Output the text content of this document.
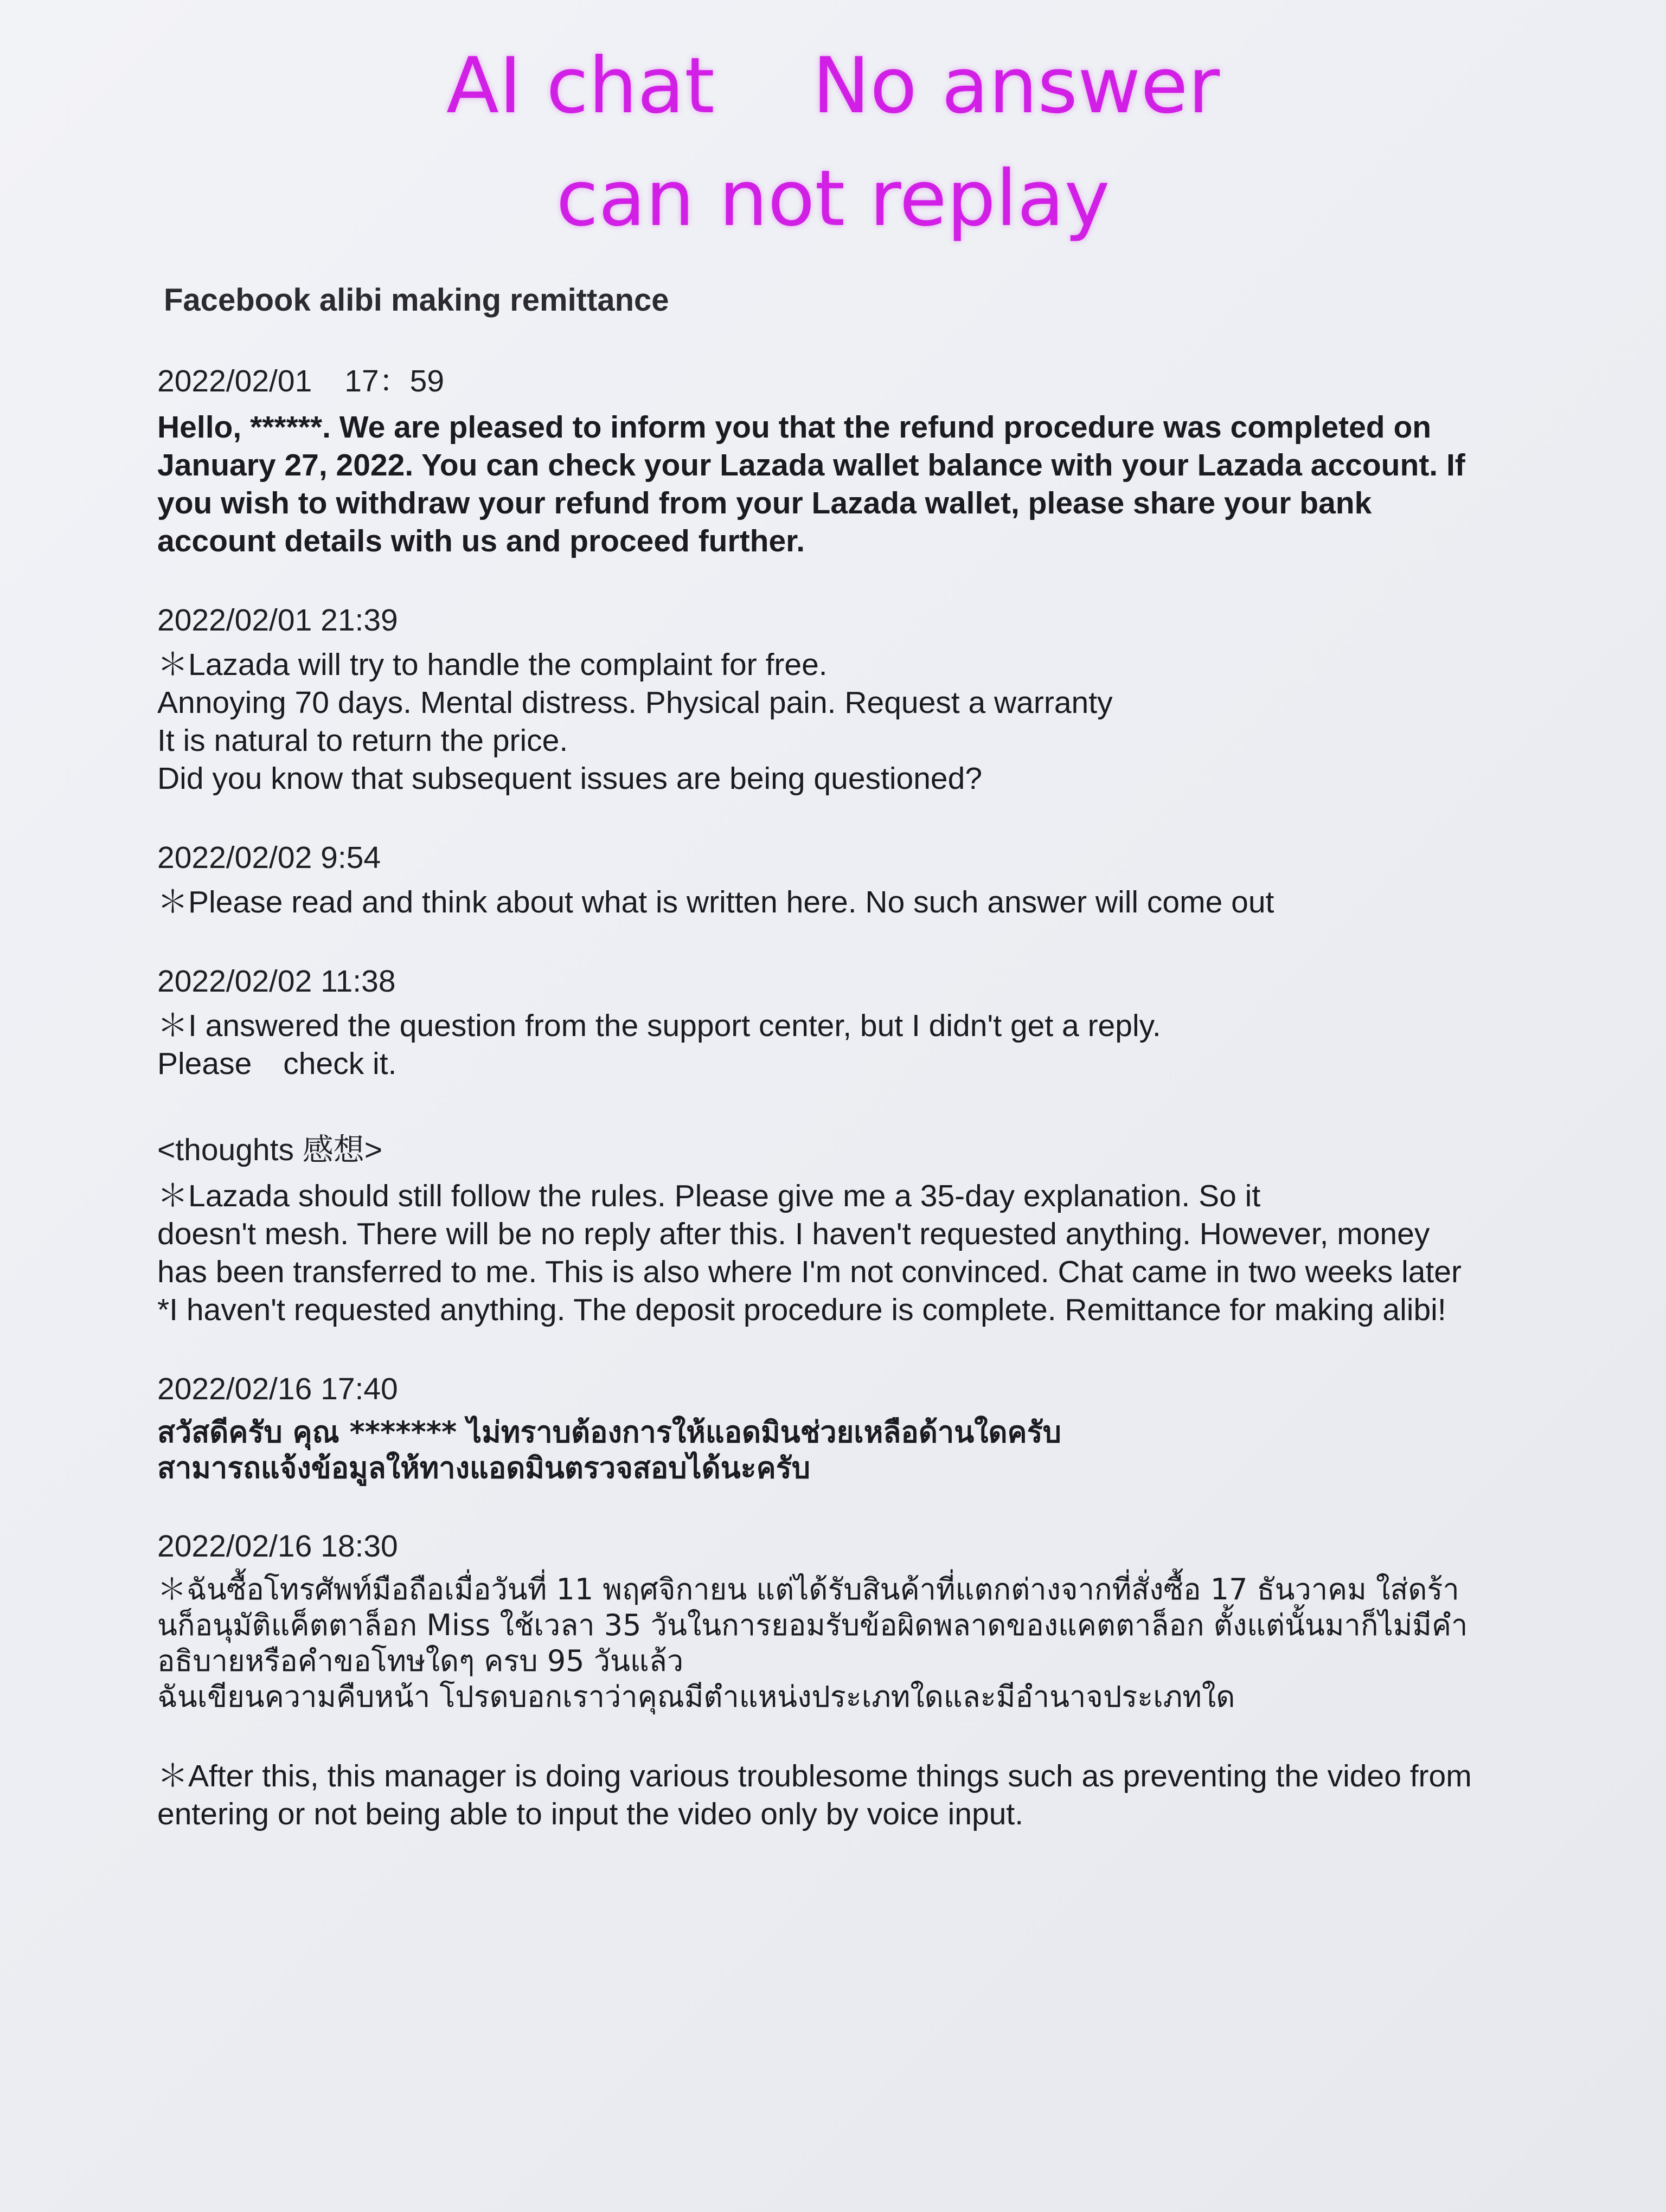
AI chat No answer
can not replay
Facebook alibi making remittance
2022/02/01 17：59
Hello, ******. We are pleased to inform you that the refund procedure was completed on
January 27, 2022. You can check your Lazada wallet balance with your Lazada account. If
you wish to withdraw your refund from your Lazada wallet, please share your bank
account details with us and proceed further.
2022/02/01 21:39
＊Lazada will try to handle the complaint for free.
Annoying 70 days. Mental distress. Physical pain. Request a warranty
It is natural to return the price.
Did you know that subsequent issues are being questioned?
2022/02/02 9:54
＊Please read and think about what is written here. No such answer will come out
2022/02/02 11:38
＊I answered the question from the support center, but I didn't get a reply.
Please check it.
<thoughts 感想>
＊Lazada should still follow the rules. Please give me a 35-day explanation. So it
doesn't mesh. There will be no reply after this. I haven't requested anything. However, money
has been transferred to me. This is also where I'm not convinced. Chat came in two weeks later
*I haven't requested anything. The deposit procedure is complete. Remittance for making alibi!
2022/02/16 17:40
สวัสดีครับ คุณ ******* ไม่ทราบต้องการให้แอดมินช่วยเหลือด้านใดครับ
สามารถแจ้งข้อมูลให้ทางแอดมินตรวจสอบได้นะครับ
2022/02/16 18:30
＊ฉันซื้อโทรศัพท์มือถือเมื่อวันที่ 11 พฤศจิกายน แต่ได้รับสินค้าที่แตกต่างจากที่สั่งซื้อ 17 ธันวาคม ใส่ดร้า
นก็อนุมัติแค็ตตาล็อก Miss ใช้เวลา 35 วันในการยอมรับข้อผิดพลาดของแคตตาล็อก ตั้งแต่นั้นมาก็ไม่มีคำ
อธิบายหรือคำขอโทษใดๆ ครบ 95 วันแล้ว
ฉันเขียนความคืบหน้า โปรดบอกเราว่าคุณมีตำแหน่งประเภทใดและมีอำนาจประเภทใด
＊After this, this manager is doing various troublesome things such as preventing the video from
entering or not being able to input the video only by voice input.
